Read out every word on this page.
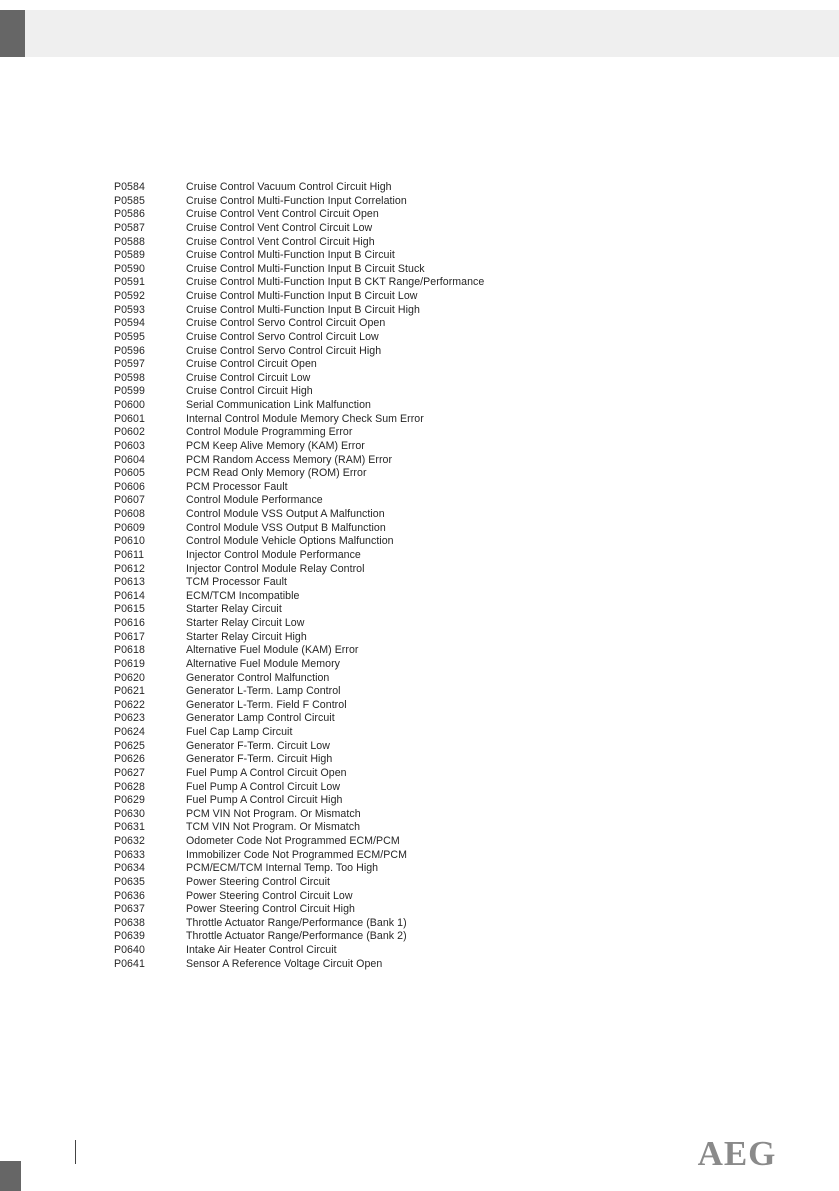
P0584	Cruise Control Vacuum Control Circuit High
P0585	Cruise Control Multi-Function Input Correlation
P0586	Cruise Control Vent Control Circuit Open
P0587	Cruise Control Vent Control Circuit Low
P0588	Cruise Control Vent Control Circuit High
P0589	Cruise Control Multi-Function Input B Circuit
P0590	Cruise Control Multi-Function Input B Circuit Stuck
P0591	Cruise Control Multi-Function Input B CKT Range/Performance
P0592	Cruise Control Multi-Function Input B Circuit Low
P0593	Cruise Control Multi-Function Input B Circuit High
P0594	Cruise Control Servo Control Circuit Open
P0595	Cruise Control Servo Control Circuit Low
P0596	Cruise Control Servo Control Circuit High
P0597	Cruise Control Circuit Open
P0598	Cruise Control Circuit Low
P0599	Cruise Control Circuit High
P0600	Serial Communication Link Malfunction
P0601	Internal Control Module Memory Check Sum Error
P0602	Control Module Programming Error
P0603	PCM Keep Alive Memory (KAM) Error
P0604	PCM Random Access Memory (RAM) Error
P0605	PCM Read Only Memory (ROM) Error
P0606	PCM Processor Fault
P0607	Control Module Performance
P0608	Control Module VSS Output A Malfunction
P0609	Control Module VSS Output B Malfunction
P0610	Control Module Vehicle Options Malfunction
P0611	Injector Control Module Performance
P0612	Injector Control Module Relay Control
P0613	TCM Processor Fault
P0614	ECM/TCM Incompatible
P0615	Starter Relay Circuit
P0616	Starter Relay Circuit Low
P0617	Starter Relay Circuit High
P0618	Alternative Fuel Module (KAM) Error
P0619	Alternative Fuel Module Memory
P0620	Generator Control Malfunction
P0621	Generator L-Term. Lamp Control
P0622	Generator L-Term. Field F Control
P0623	Generator Lamp Control Circuit
P0624	Fuel Cap Lamp Circuit
P0625	Generator F-Term. Circuit Low
P0626	Generator F-Term. Circuit High
P0627	Fuel Pump A Control Circuit Open
P0628	Fuel Pump A Control Circuit Low
P0629	Fuel Pump A Control Circuit High
P0630	PCM VIN Not Program. Or Mismatch
P0631	TCM VIN Not Program. Or Mismatch
P0632	Odometer Code Not Programmed ECM/PCM
P0633	Immobilizer Code Not Programmed ECM/PCM
P0634	PCM/ECM/TCM Internal Temp. Too High
P0635	Power Steering Control Circuit
P0636	Power Steering Control Circuit Low
P0637	Power Steering Control Circuit High
P0638	Throttle Actuator Range/Performance (Bank 1)
P0639	Throttle Actuator Range/Performance (Bank 2)
P0640	Intake Air Heater Control Circuit
P0641	Sensor A Reference Voltage Circuit Open
AEG
